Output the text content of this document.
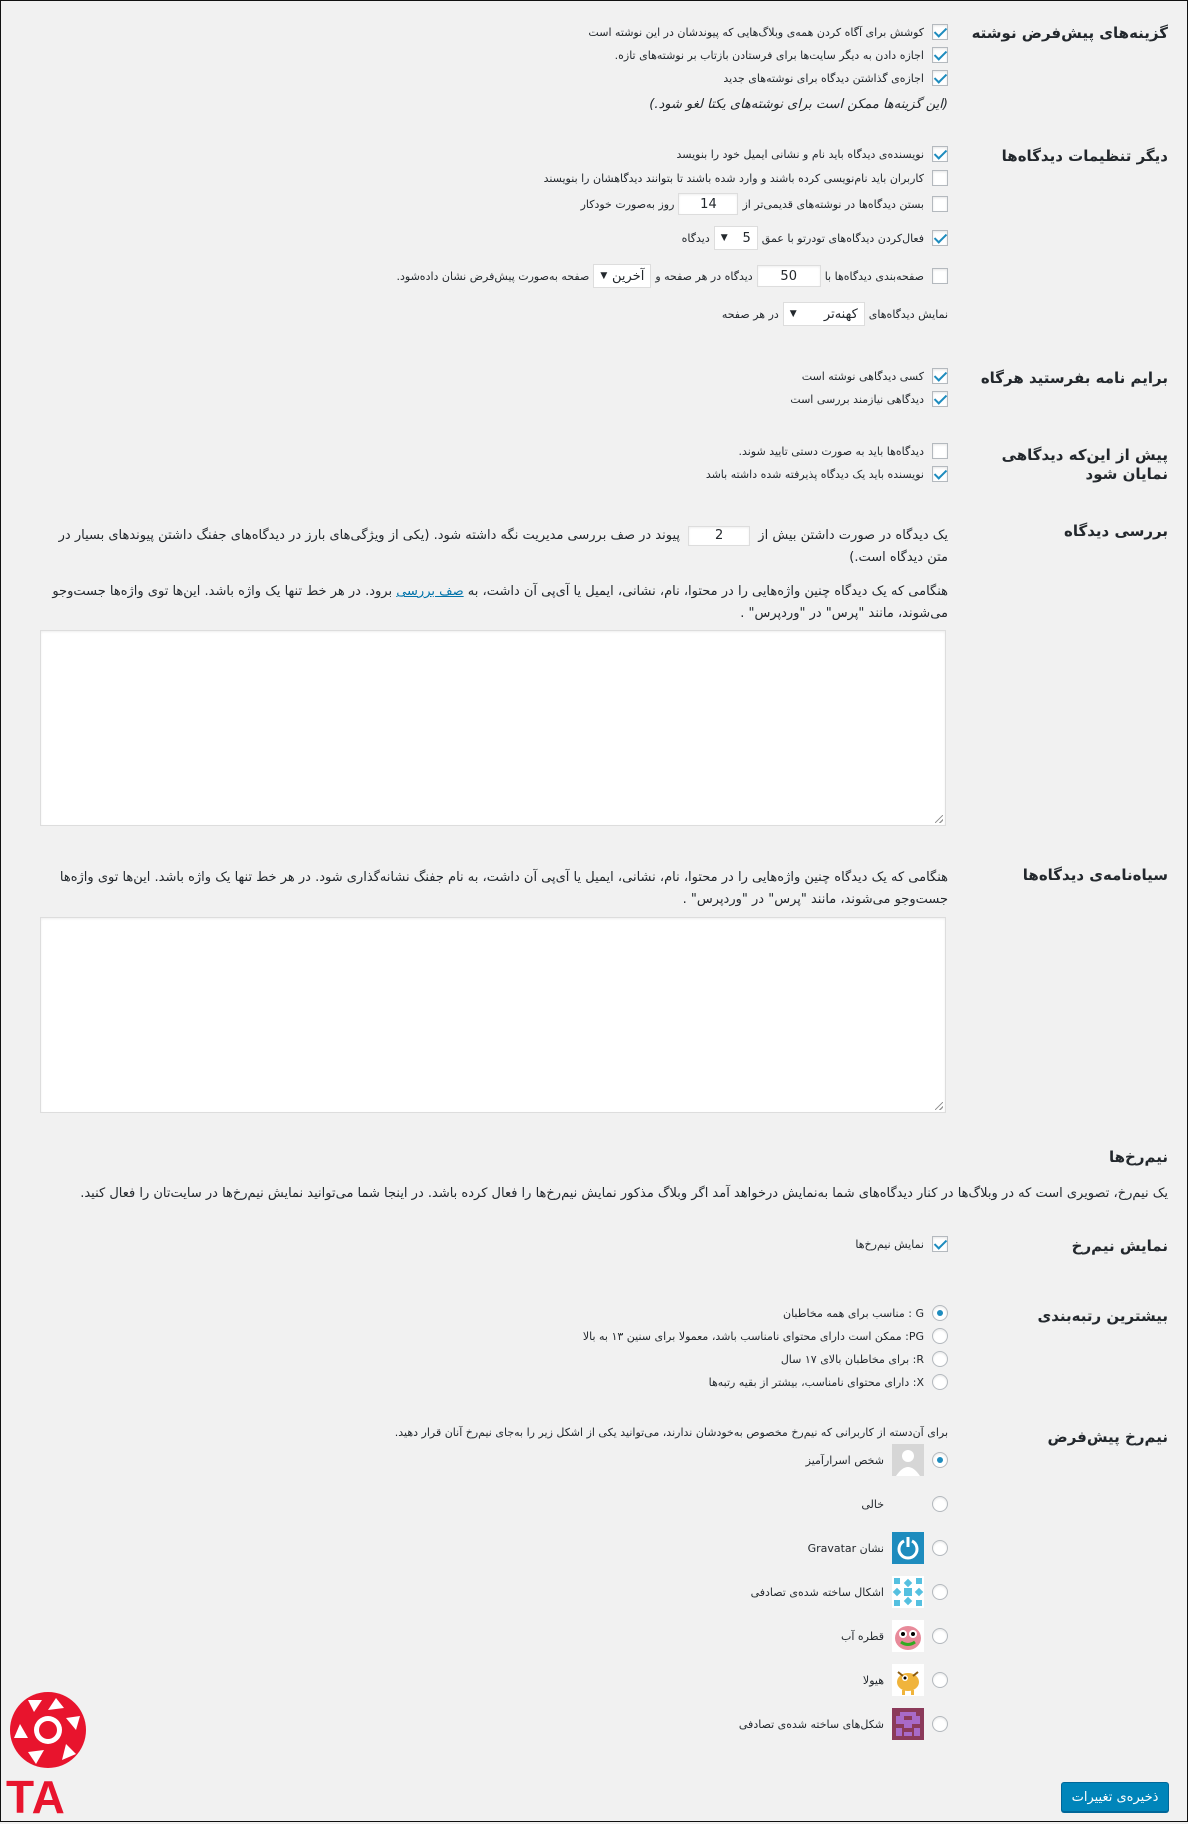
گزینه‌های پیش‌فرض نوشته
کوشش برای آگاه کردن همه‌ی وبلاگ‌هایی که پیوندشان در این نوشته است
اجازه دادن به دیگر سایت‌ها برای فرستادن بازتاب بر نوشته‌های تازه.
اجازه‌ی گذاشتن دیدگاه برای نوشته‌های جدید
(این گزینه‌ها ممکن است برای نوشته‌های یکتا لغو شود.)
دیگر تنظیمات دیدگاه‌ها
نویسنده‌ی دیدگاه باید نام و نشانی ایمیل خود را بنویسد
کاربران باید نام‌نویسی کرده باشند و وارد شده باشند تا بتوانند دیدگاهشان را بنویسند
بستن دیدگاه‌ها در نوشته‌های قدیمی‌تر از
14
روز به‌صورت خودکار
فعال‌کردن دیدگاه‌های تودرتو با عمق
5
▼
دیدگاه
صفحه‌بندی دیدگاه‌ها با
50
دیدگاه در هر صفحه و
آخرین
▼
صفحه به‌صورت پیش‌فرض نشان داده‌شود.
نمایش دیدگاه‌های
کهنه‌تر
▼
در هر صفحه
برایم نامه بفرستید هرگاه
کسی دیدگاهی نوشته است
دیدگاهی نیازمند بررسی است
پیش از این‌که دیدگاهی نمایان شود
دیدگاه‌ها باید به صورت دستی تایید شوند.
نویسنده باید یک دیدگاه پذیرفته شده داشته باشد
بررسی دیدگاه
یک دیدگاه در صورت داشتن بیش از 2 پیوند در صف بررسی مدیریت نگه داشته شود. (یکی از ویژگی‌های بارز در دیدگاه‌های جفنگ داشتن پیوندهای بسیار در متن دیدگاه است.)
هنگامی که یک دیدگاه چنین واژه‌هایی را در محتوا، نام، نشانی، ایمیل یا آی‌پی آن داشت، به صف بررسی برود. در هر خط تنها یک واژه باشد. این‌ها توی واژه‌ها جست‌وجو می‌شوند، مانند "پرس" در "وردپرس" .
سیاه‌نامه‌ی دیدگاه‌ها
هنگامی که یک دیدگاه چنین واژه‌هایی را در محتوا، نام، نشانی، ایمیل یا آی‌پی آن داشت، به نام جفنگ نشانه‌گذاری شود. در هر خط تنها یک واژه باشد. این‌ها توی واژه‌ها جست‌وجو می‌شوند، مانند "پرس" در "وردپرس" .
نیم‌رخ‌ها
یک نیم‌رخ، تصویری است که در وبلاگ‌ها در کنار دیدگاه‌های شما به‌نمایش درخواهد آمد اگر وبلاگ مذکور نمایش نیم‌رخ‌ها را فعال کرده باشد. در اینجا شما می‌توانید نمایش نیم‌رخ‌ها در سایت‌تان را فعال کنید.
نمایش نیم‌رخ
نمایش نیم‌رخ‌ها
بیشترین رتبه‌بندی
G : مناسب برای همه مخاطبان
PG: ممکن است دارای محتوای نامناسب باشد، معمولا برای سنین ۱۳ به بالا
R: برای مخاطبان بالای ۱۷ سال
X: دارای محتوای نامناسب، بیشتر از بقیه رتبه‌ها
نیم‌رخ پیش‌فرض
برای آن‌دسته از کاربرانی که نیم‌رخ مخصوص به‌خودشان ندارند، می‌توانید یکی از اشکل زیر را به‌جای نیم‌رخ آنان قرار دهید.
شخص اسرارآمیز
خالی
نشان Gravatar
اشکال ساخته شده‌ی تصادفی
قطره آب
هیولا
شکل‌های ساخته شده‌ی تصادفی
TA	ذخیره‌ی تغییرات
